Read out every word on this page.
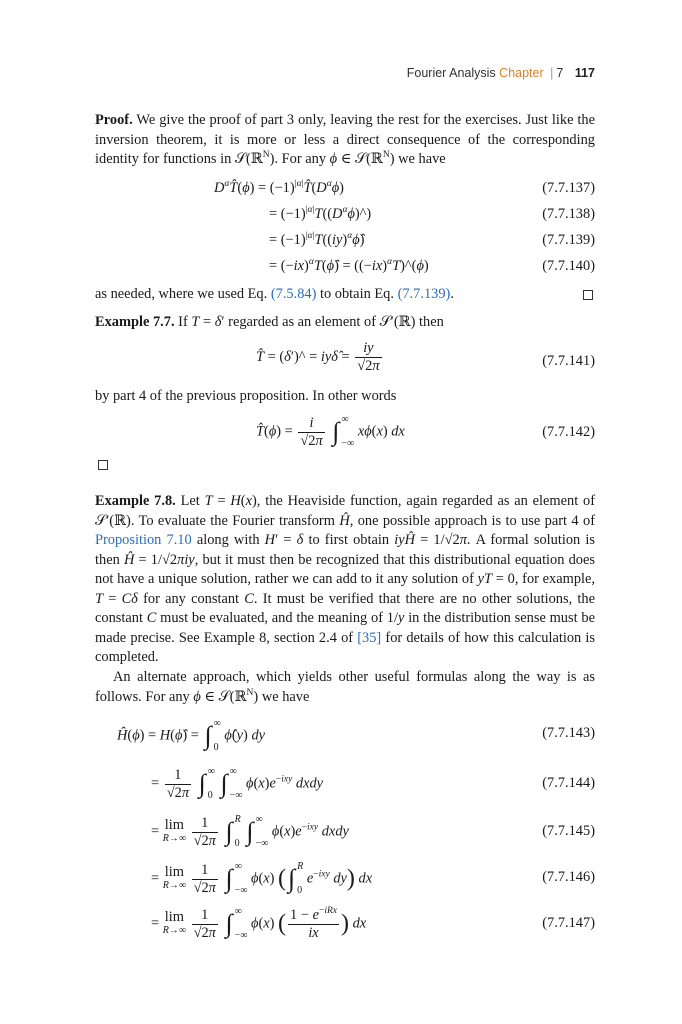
Fourier Analysis Chapter | 7 117
Proof. We give the proof of part 3 only, leaving the rest for the exercises. Just like the inversion theorem, it is more or less a direct consequence of the corresponding identity for functions in 𝒮(ℝ$^N$). For any ϕ ∈ 𝒮(ℝ$^N$) we have
$D^\alpha T̂(\phi)$ = $(-1)^{|\alpha|}T̂(D^\alpha\phi)$	(7.7.137)
= $(-1)^{|\alpha|}T((D^\alpha\phi)\^{})$	(7.7.138)
= $(-1)^{|\alpha|}T((iy)^\alpha\phî)$	(7.7.139)
= $(-ix)^\alpha T(\phî)$ = $((-ix)^\alpha T)\^{}(\phi)$	(7.7.140)
as needed, where we used Eq. (7.5.84) to obtain Eq. (7.7.139).
Example 7.7. If T = δ′ regarded as an element of 𝒮′(ℝ) then
T̂ = (δ′)^ = iyδ̂ = $\frac{iy}{√2\pi}$	(7.7.141)
by part 4 of the previous proposition. In other words
T̂(ϕ) = $\frac{i}{√2\pi}$ ∫ ∞
−∞ xϕ(x) dx	(7.7.142)
Example 7.8. Let T = H(x), the Heaviside function, again regarded as an element of 𝒮′(ℝ). To evaluate the Fourier transform Ĥ, one possible approach is to use part 4 of Proposition 7.10 along with H′ = δ to first obtain iyĤ = 1/√2π. A formal solution is then Ĥ = 1/√2πiy, but it must then be recognized that this distributional equation does not have a unique solution, rather we can add to it any solution of yT = 0, for example, T = Cδ for any constant C. It must be verified that there are no other solutions, the constant C must be evaluated, and the meaning of 1/y in the distribution sense must be made precise. See Example 8, section 2.4 of [35] for details of how this calculation is completed.
An alternate approach, which yields other useful formulas along the way is as follows. For any ϕ ∈ 𝒮(ℝ$^N$) we have
Ĥ(ϕ) = H(ϕ̂) = ∫ ∞
0 ϕ̂(y) dy	(7.7.143)
= $\frac{1}{√2\pi}$ ∫ ∞
0 ∫ ∞
−∞ $\phi(x)e^{-ixy}$ dxdy	(7.7.144)
= lim
R→∞
$\frac{1}{√2\pi}$ ∫ R
0 ∫ ∞
−∞ $\phi(x)e^{-ixy}$ dxdy	(7.7.145)
= lim
R→∞
$\frac{1}{√2\pi}$ ∫ ∞
−∞ ϕ(x) (∫ R
0 $e^{-ixy}$ dy) dx	(7.7.146)
= lim
R→∞
$\frac{1}{√2\pi}$ ∫ ∞
−∞ ϕ(x) ( $\frac{1 - e^{-iRx}}{ix}$ ) dx	(7.7.147)
